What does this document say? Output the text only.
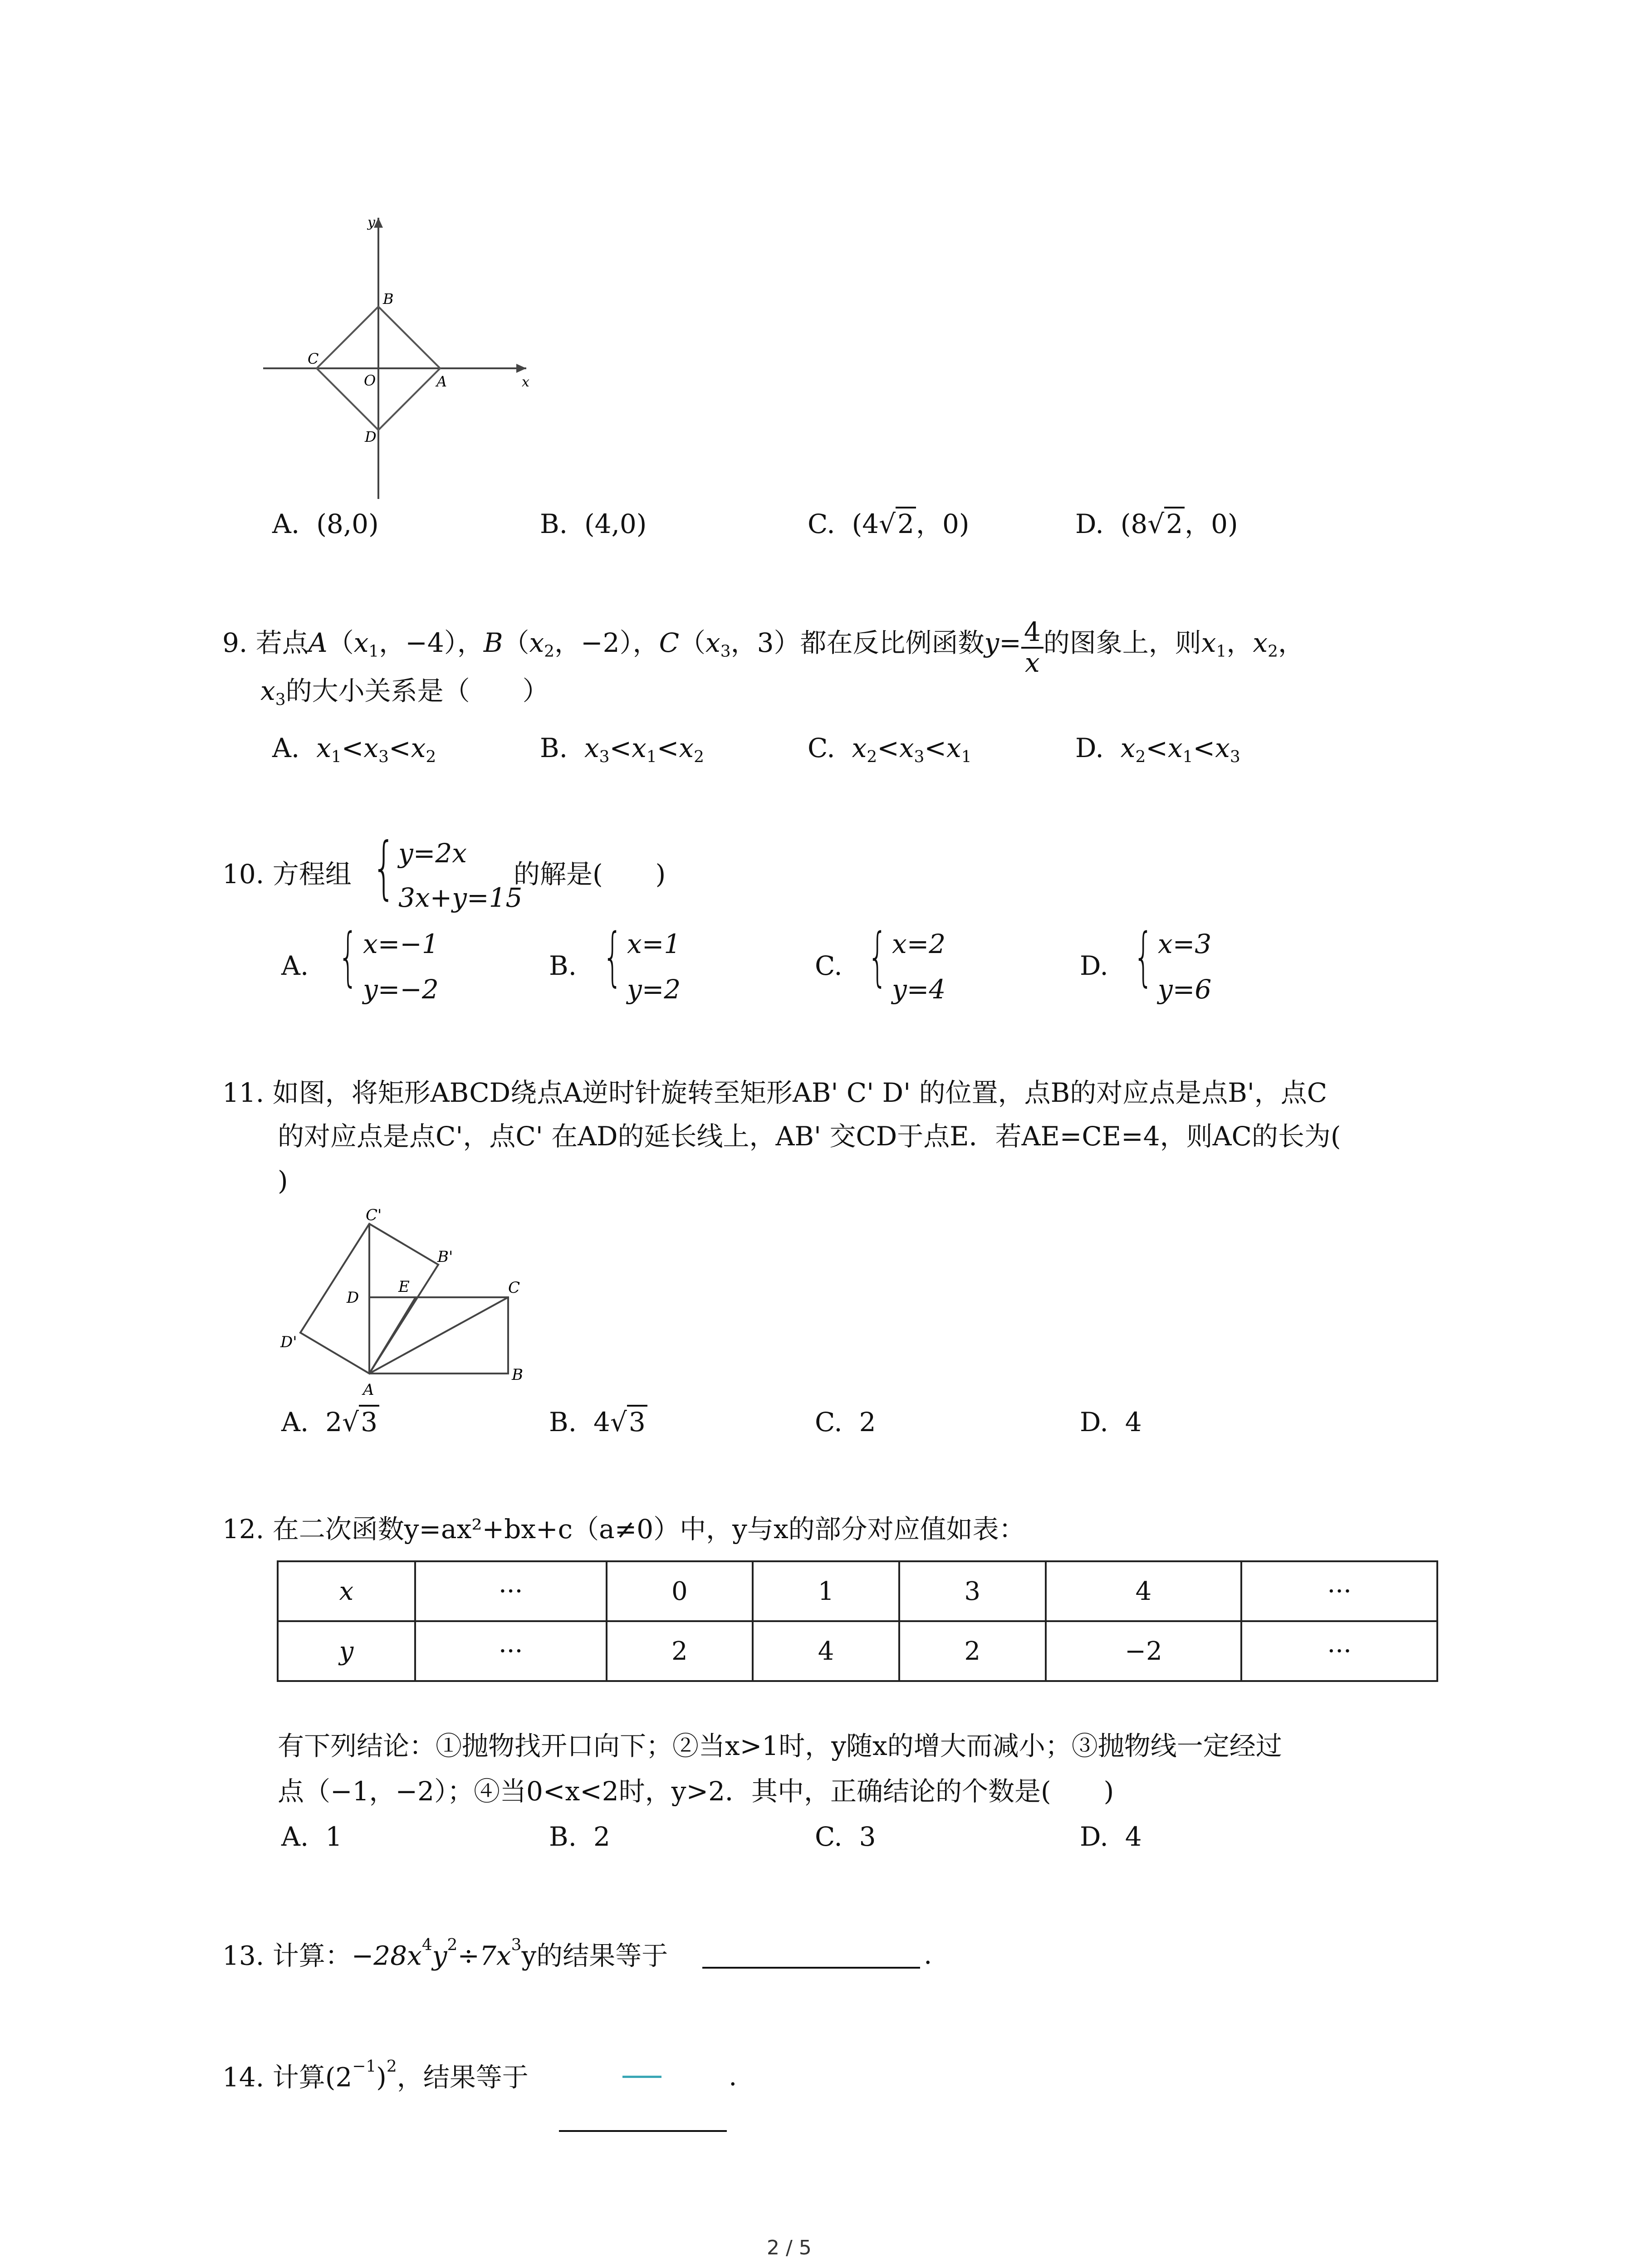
y
x
B
C
O	A
D
A. (8,0)	B. (4,0)	C. (4√2，0)	D. (8√2，0)
9. 若点$A(x_1$，−4），$B(x_2$，−2），$C(x_3$，3）都在反比例函数$y= \frac{4}{x}$ 的图象上，则$x_1$，$x_2$，
$x_3$的大小关系是（　　）
A. $x_1<x_3<x_2$	B. $x_3<x_1<x_2$	C. $x_2<x_3<x_1$	D. $x_2<x_1<x_3$
10. 方程组 { y=2x
3x+y=15
的解是(　　)
A. { x=−1
y=−2
B. { x=1
y=2
C. { x=2
y=4
D. { x=3
y=6
11. 如图，将矩形ABCD绕点A逆时针旋转至矩形AB' C' D' 的位置，点B的对应点是点B'，点C
的对应点是点C'，点C' 在AD的延长线上，AB' 交CD于点E．若AE=CE=4，则AC的长为(
)
C'
B'
D
E	C
D'
A
B
A. 2√3	B. 4√3	C. 2	D. 4
12. 在二次函数y=ax²+bx+c（a≠0）中，y与x的部分对应值如表：
x	···	0	1	3	4	···
y	···	2	4	2	−2	···
有下列结论：①抛物找开口向下；②当x>1时，y随x的增大而减小；③抛物线一定经过
点（−1，−2）；④当0<x<2时，y>2．其中，正确结论的个数是(　　)
A. 1	B. 2	C. 3	D. 4
13. 计算：$-28x^4y^2\div 7x^3y$的结果等于	.
14. 计算$(2^{-1})^2$，结果等于	.
2 / 5
